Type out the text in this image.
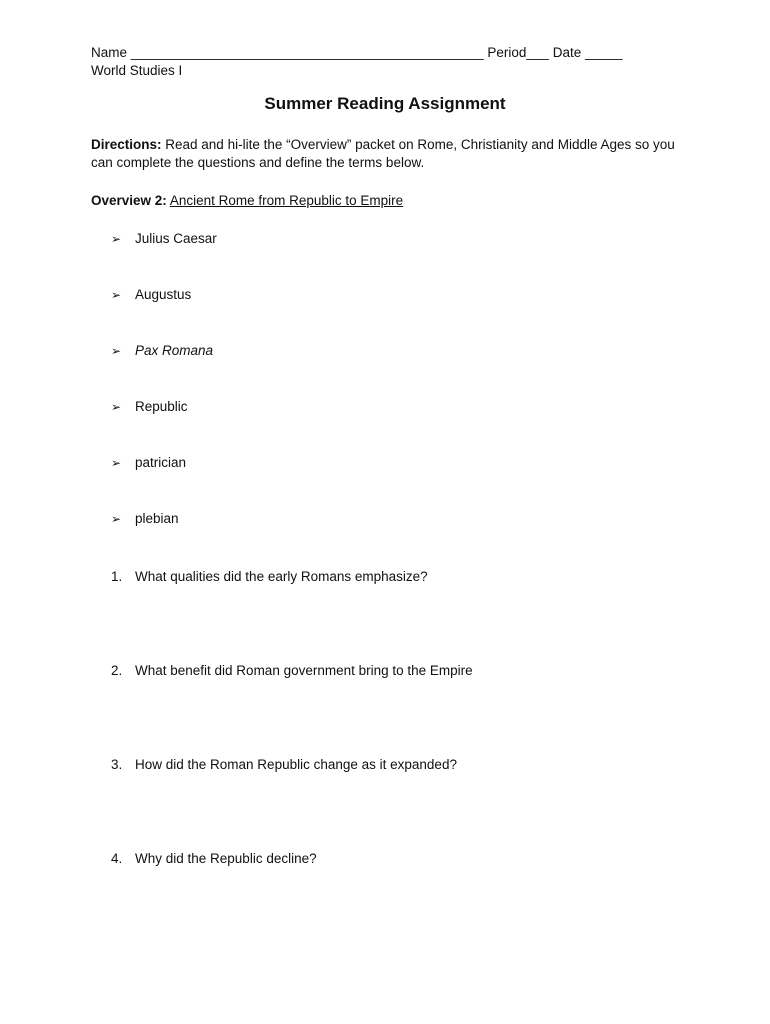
Name _______________________________________________ Period___ Date _____
World Studies I
Summer Reading Assignment
Directions: Read and hi-lite the “Overview” packet on Rome, Christianity and Middle Ages so you can complete the questions and define the terms below.
Overview 2: Ancient Rome from Republic to Empire
➢	Julius Caesar
➢	Augustus
➢	Pax Romana
➢	Republic
➢	patrician
➢	plebian
1. What qualities did the early Romans emphasize?
2. What benefit did Roman government bring to the Empire
3. How did the Roman Republic change as it expanded?
4. Why did the Republic decline?
